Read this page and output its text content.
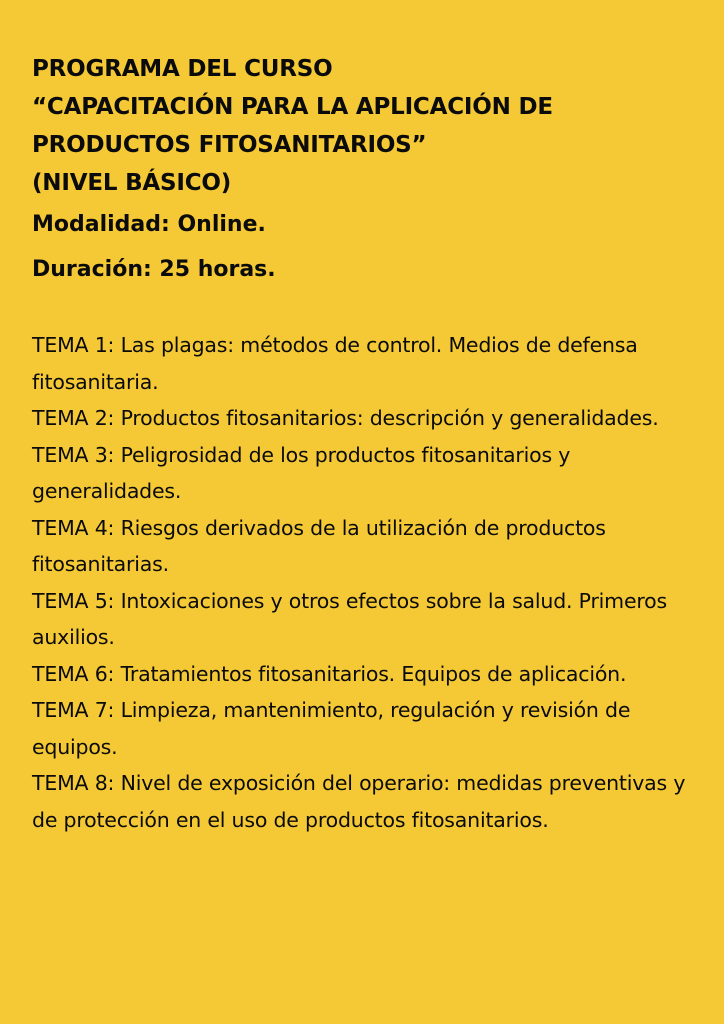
PROGRAMA DEL CURSO
“CAPACITACIÓN PARA LA APLICACIÓN DE
PRODUCTOS FITOSANITARIOS”
(NIVEL BÁSICO)
Modalidad: Online.
Duración: 25 horas.
TEMA 1: Las plagas: métodos de control. Medios de defensa fitosanitaria.
TEMA 2: Productos fitosanitarios: descripción y generalidades.
TEMA 3: Peligrosidad de los productos fitosanitarios y generalidades.
TEMA 4: Riesgos derivados de la utilización de productos fitosanitarias.
TEMA 5: Intoxicaciones y otros efectos sobre la salud. Primeros auxilios.
TEMA 6: Tratamientos fitosanitarios. Equipos de aplicación.
TEMA 7: Limpieza, mantenimiento, regulación y revisión de equipos.
TEMA 8: Nivel de exposición del operario: medidas preventivas y de protección en el uso de productos fitosanitarios.
